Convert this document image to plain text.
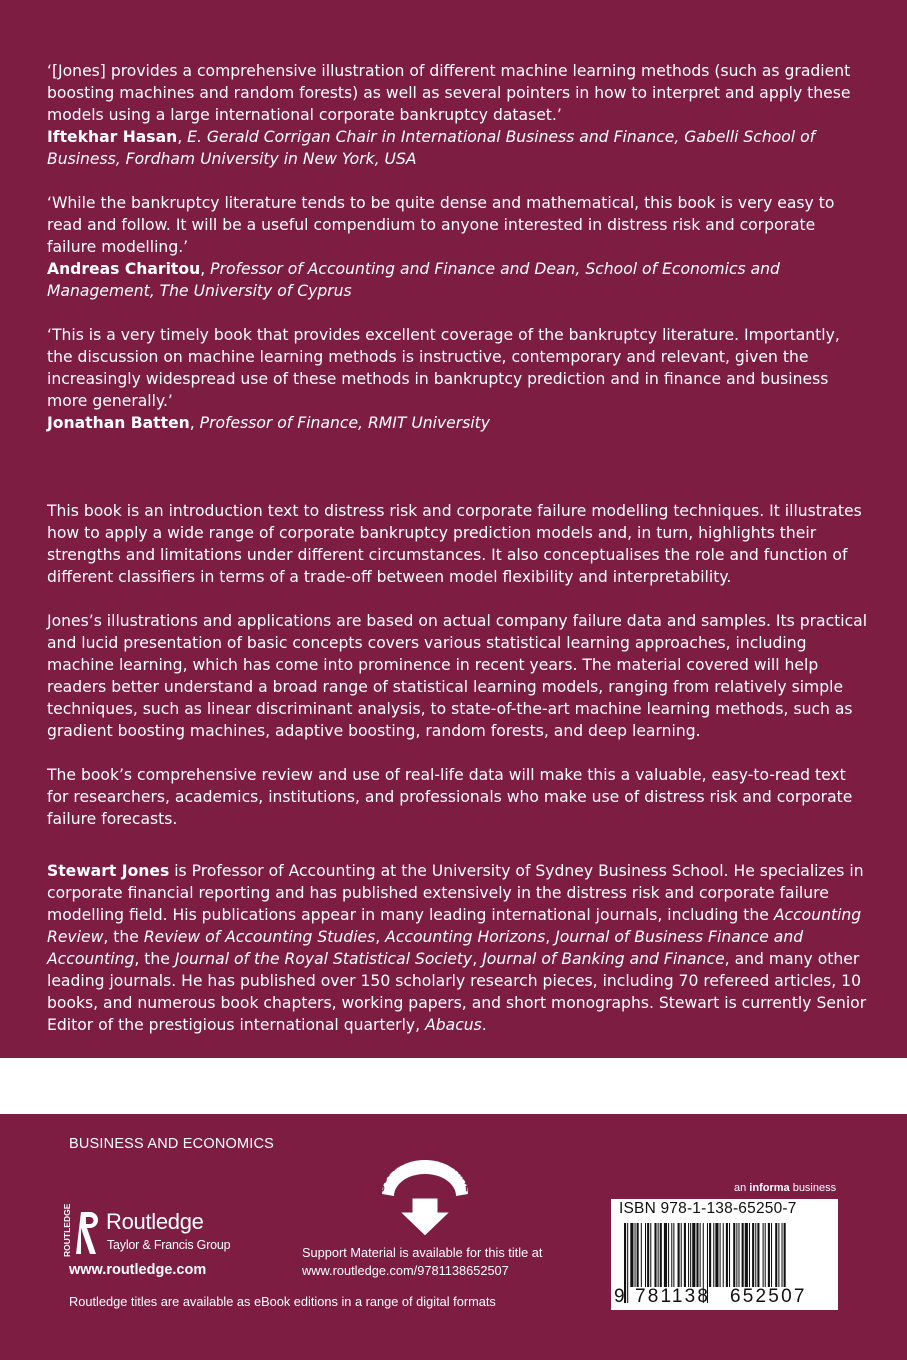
‘[Jones] provides a comprehensive illustration of different machine learning methods (such as gradient boosting machines and random forests) as well as several pointers in how to interpret and apply these models using a large international corporate bankruptcy dataset.’
Iftekhar Hasan, E. Gerald Corrigan Chair in International Business and Finance, Gabelli School of Business, Fordham University in New York, USA

‘While the bankruptcy literature tends to be quite dense and mathematical, this book is very easy to read and follow. It will be a useful compendium to anyone interested in distress risk and corporate failure modelling.’
Andreas Charitou, Professor of Accounting and Finance and Dean, School of Economics and Management, The University of Cyprus

‘This is a very timely book that provides excellent coverage of the bankruptcy literature. Importantly, the discussion on machine learning methods is instructive, contemporary and relevant, given the increasingly widespread use of these methods in bankruptcy prediction and in finance and business more generally.’
Jonathan Batten, Professor of Finance, RMIT University

This book is an introduction text to distress risk and corporate failure modelling techniques. It illustrates how to apply a wide range of corporate bankruptcy prediction models and, in turn, highlights their strengths and limitations under different circumstances. It also conceptualises the role and function of different classifiers in terms of a trade-off between model flexibility and interpretability.

Jones’s illustrations and applications are based on actual company failure data and samples. Its practical and lucid presentation of basic concepts covers various statistical learning approaches, including machine learning, which has come into prominence in recent years. The material covered will help readers better understand a broad range of statistical learning models, ranging from relatively simple techniques, such as linear discriminant analysis, to state-of-the-art machine learning methods, such as gradient boosting machines, adaptive boosting, random forests, and deep learning.

The book’s comprehensive review and use of real-life data will make this a valuable, easy-to-read text for researchers, academics, institutions, and professionals who make use of distress risk and corporate failure forecasts.

Stewart Jones is Professor of Accounting at the University of Sydney Business School. He specializes in corporate financial reporting and has published extensively in the distress risk and corporate failure modelling field. His publications appear in many leading international journals, including the Accounting Review, the Review of Accounting Studies, Accounting Horizons, Journal of Business Finance and Accounting, the Journal of the Royal Statistical Society, Journal of Banking and Finance, and many other leading journals. He has published over 150 scholarly research pieces, including 70 refereed articles, 10 books, and numerous book chapters, working papers, and short monographs. Stewart is currently Senior Editor of the prestigious international quarterly, Abacus.

BUSINESS AND ECONOMICS
ROUTLEDGE Routledge
Taylor & Francis Group
www.routledge.com
Routledge titles are available as eBook editions in a range of digital formats
SUPPORT MATERIAL
Support Material is available for this title at
www.routledge.com/9781138652507
an informa business
ISBN 978-1-138-65250-7
9 781138 652507
